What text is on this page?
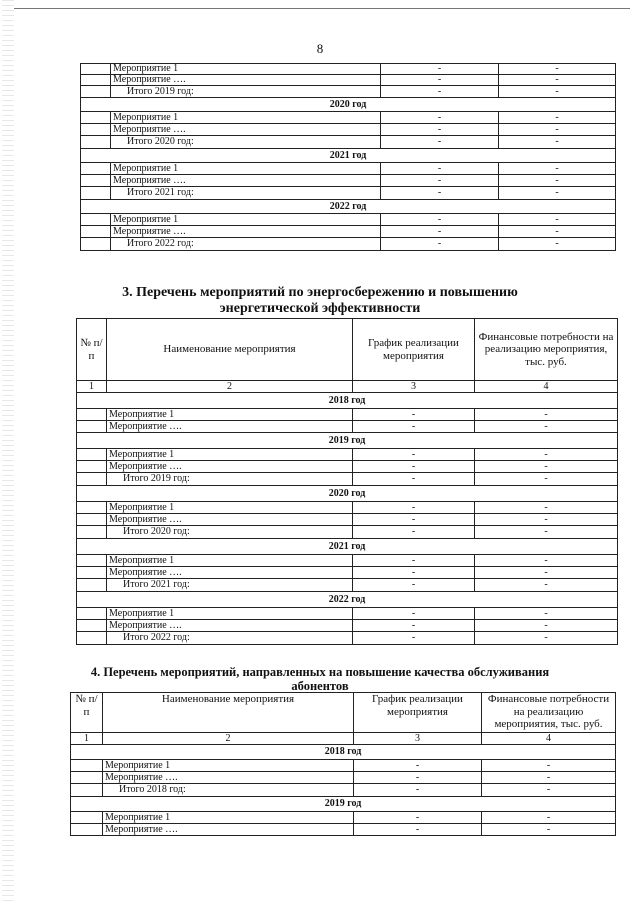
8
	Мероприятие 1	-	-
	Мероприятие ….	-	-
	Итого 2019 год:	-	-
2020 год			
	Мероприятие 1	-	-
	Мероприятие ….	-	-
	Итого 2020 год:	-	-
2021 год			
	Мероприятие 1	-	-
	Мероприятие ….	-	-
	Итого 2021 год:	-	-
2022 год			
	Мероприятие 1	-	-
	Мероприятие ….	-	-
	Итого 2022 год:	-	-
3. Перечень мероприятий по энергосбережению и повышению
энергетической эффективности
№ п/п	Наименование мероприятия	График реализации мероприятия	Финансовые потребности на реализацию мероприятия, тыс. руб.
1	2	3	4
2018 год			
	Мероприятие 1	-	-
	Мероприятие ….	-	-
2019 год			
	Мероприятие 1	-	-
	Мероприятие ….	-	-
	Итого 2019 год:	-	-
2020 год			
	Мероприятие 1	-	-
	Мероприятие ….	-	-
	Итого 2020 год:	-	-
2021 год			
	Мероприятие 1	-	-
	Мероприятие ….	-	-
	Итого 2021 год:	-	-
2022 год			
	Мероприятие 1	-	-
	Мероприятие ….	-	-
	Итого 2022 год:	-	-
4. Перечень мероприятий, направленных на повышение качества обслуживания
абонентов
№ п/п	Наименование мероприятия	График реализации мероприятия	Финансовые потребности на реализацию мероприятия, тыс. руб.
1	2	3	4
2018 год			
	Мероприятие 1	-	-
	Мероприятие ….	-	-
	Итого 2018 год:	-	-
2019 год			
	Мероприятие 1	-	-
	Мероприятие ….	-	-
